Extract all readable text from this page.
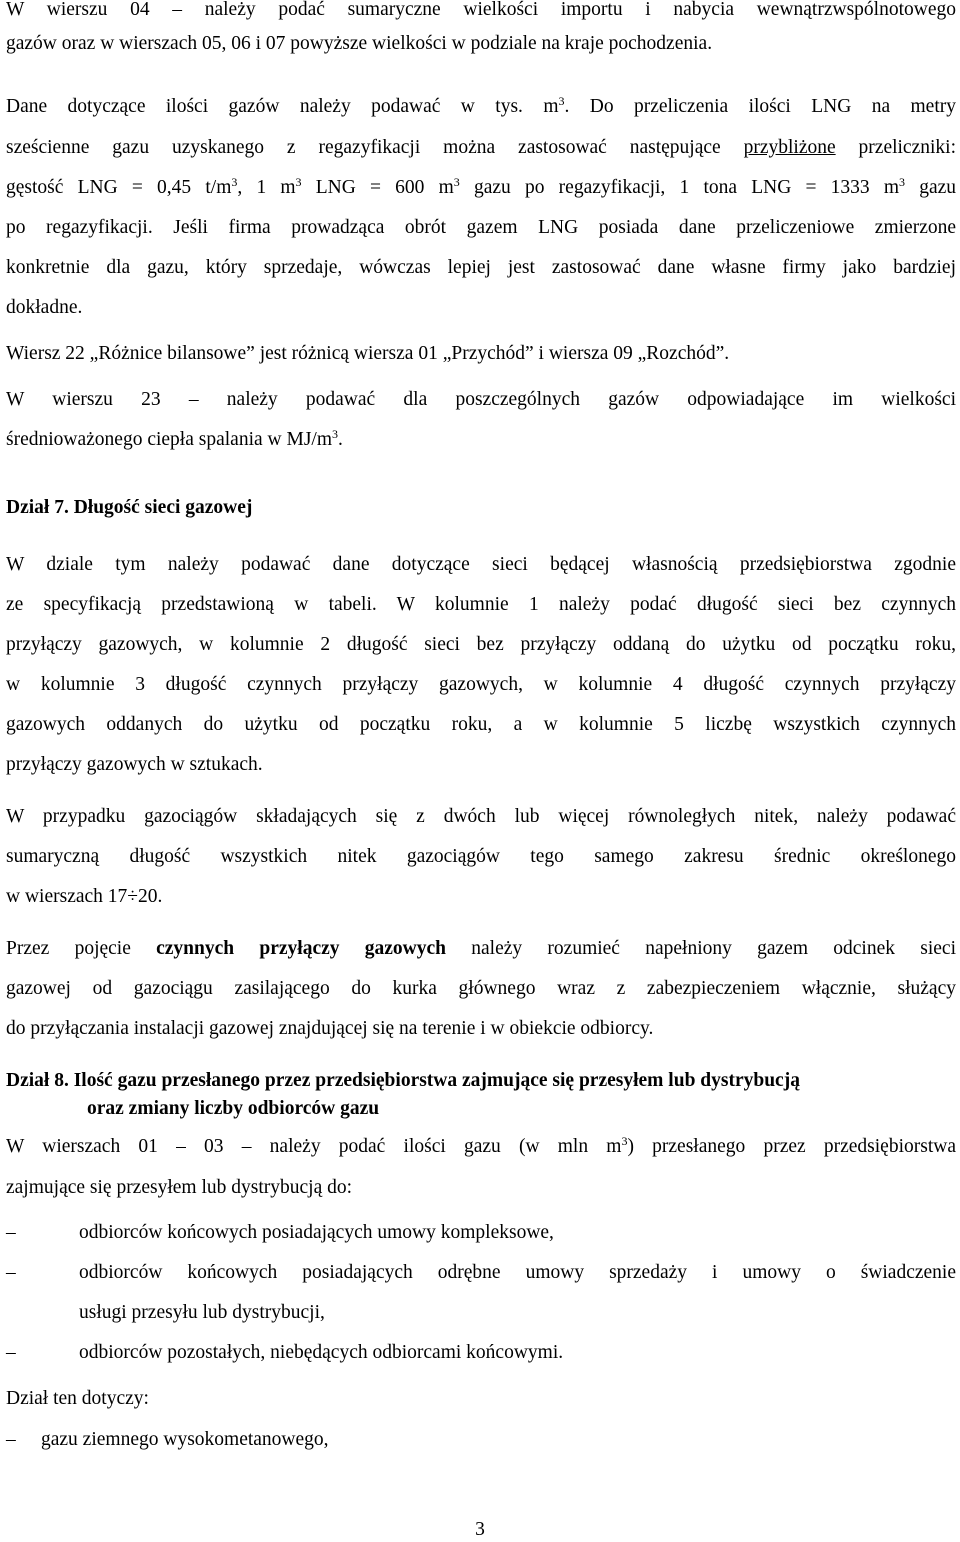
W wierszu 04 – należy podać sumaryczne wielkości importu i nabycia wewnątrzwspólnotowego
gazów oraz w wierszach 05, 06 i 07 powyższe wielkości w podziale na kraje pochodzenia.
Dane dotyczące ilości gazów należy podawać w tys. $m^3$. Do przeliczenia ilości LNG na metry
sześcienne gazu uzyskanego z regazyfikacji można zastosować następujące przybliżone przeliczniki:
gęstość LNG = 0,45 $t/m^3$, 1 $m^3$ LNG = 600 $m^3$ gazu po regazyfikacji, 1 tona LNG = 1333 $m^3$ gazu
po regazyfikacji. Jeśli firma prowadząca obrót gazem LNG posiada dane przeliczeniowe zmierzone
konkretnie dla gazu, który sprzedaje, wówczas lepiej jest zastosować dane własne firmy jako bardziej
dokładne.
Wiersz 22 „Różnice bilansowe” jest różnicą wiersza 01 „Przychód” i wiersza 09 „Rozchód”.
W wierszu 23 – należy podawać dla poszczególnych gazów odpowiadające im wielkości
średnioważonego ciepła spalania w $MJ/m^3$.
Dział 7. Długość sieci gazowej
W dziale tym należy podawać dane dotyczące sieci będącej własnością przedsiębiorstwa zgodnie
ze specyfikacją przedstawioną w tabeli. W kolumnie 1 należy podać długość sieci bez czynnych
przyłączy gazowych, w kolumnie 2 długość sieci bez przyłączy oddaną do użytku od początku roku,
w kolumnie 3 długość czynnych przyłączy gazowych, w kolumnie 4 długość czynnych przyłączy
gazowych oddanych do użytku od początku roku, a w kolumnie 5 liczbę wszystkich czynnych
przyłączy gazowych w sztukach.
W przypadku gazociągów składających się z dwóch lub więcej równoległych nitek, należy podawać
sumaryczną długość wszystkich nitek gazociągów tego samego zakresu średnic określonego
w wierszach 17÷20.
Przez pojęcie czynnych przyłączy gazowych należy rozumieć napełniony gazem odcinek sieci
gazowej od gazociągu zasilającego do kurka głównego wraz z zabezpieczeniem włącznie, służący
do przyłączania instalacji gazowej znajdującej się na terenie i w obiekcie odbiorcy.
Dział 8. Ilość gazu przesłanego przez przedsiębiorstwa zajmujące się przesyłem lub dystrybucją
oraz zmiany liczby odbiorców gazu
W wierszach 01 – 03 – należy podać ilości gazu (w mln $m^3$) przesłanego przez przedsiębiorstwa
zajmujące się przesyłem lub dystrybucją do:
–	odbiorców końcowych posiadających umowy kompleksowe,
–	odbiorców końcowych posiadających odrębne umowy sprzedaży i umowy o świadczenie
usługi przesyłu lub dystrybucji,
–	odbiorców pozostałych, niebędących odbiorcami końcowymi.
Dział ten dotyczy:
–	gazu ziemnego wysokometanowego,
3
